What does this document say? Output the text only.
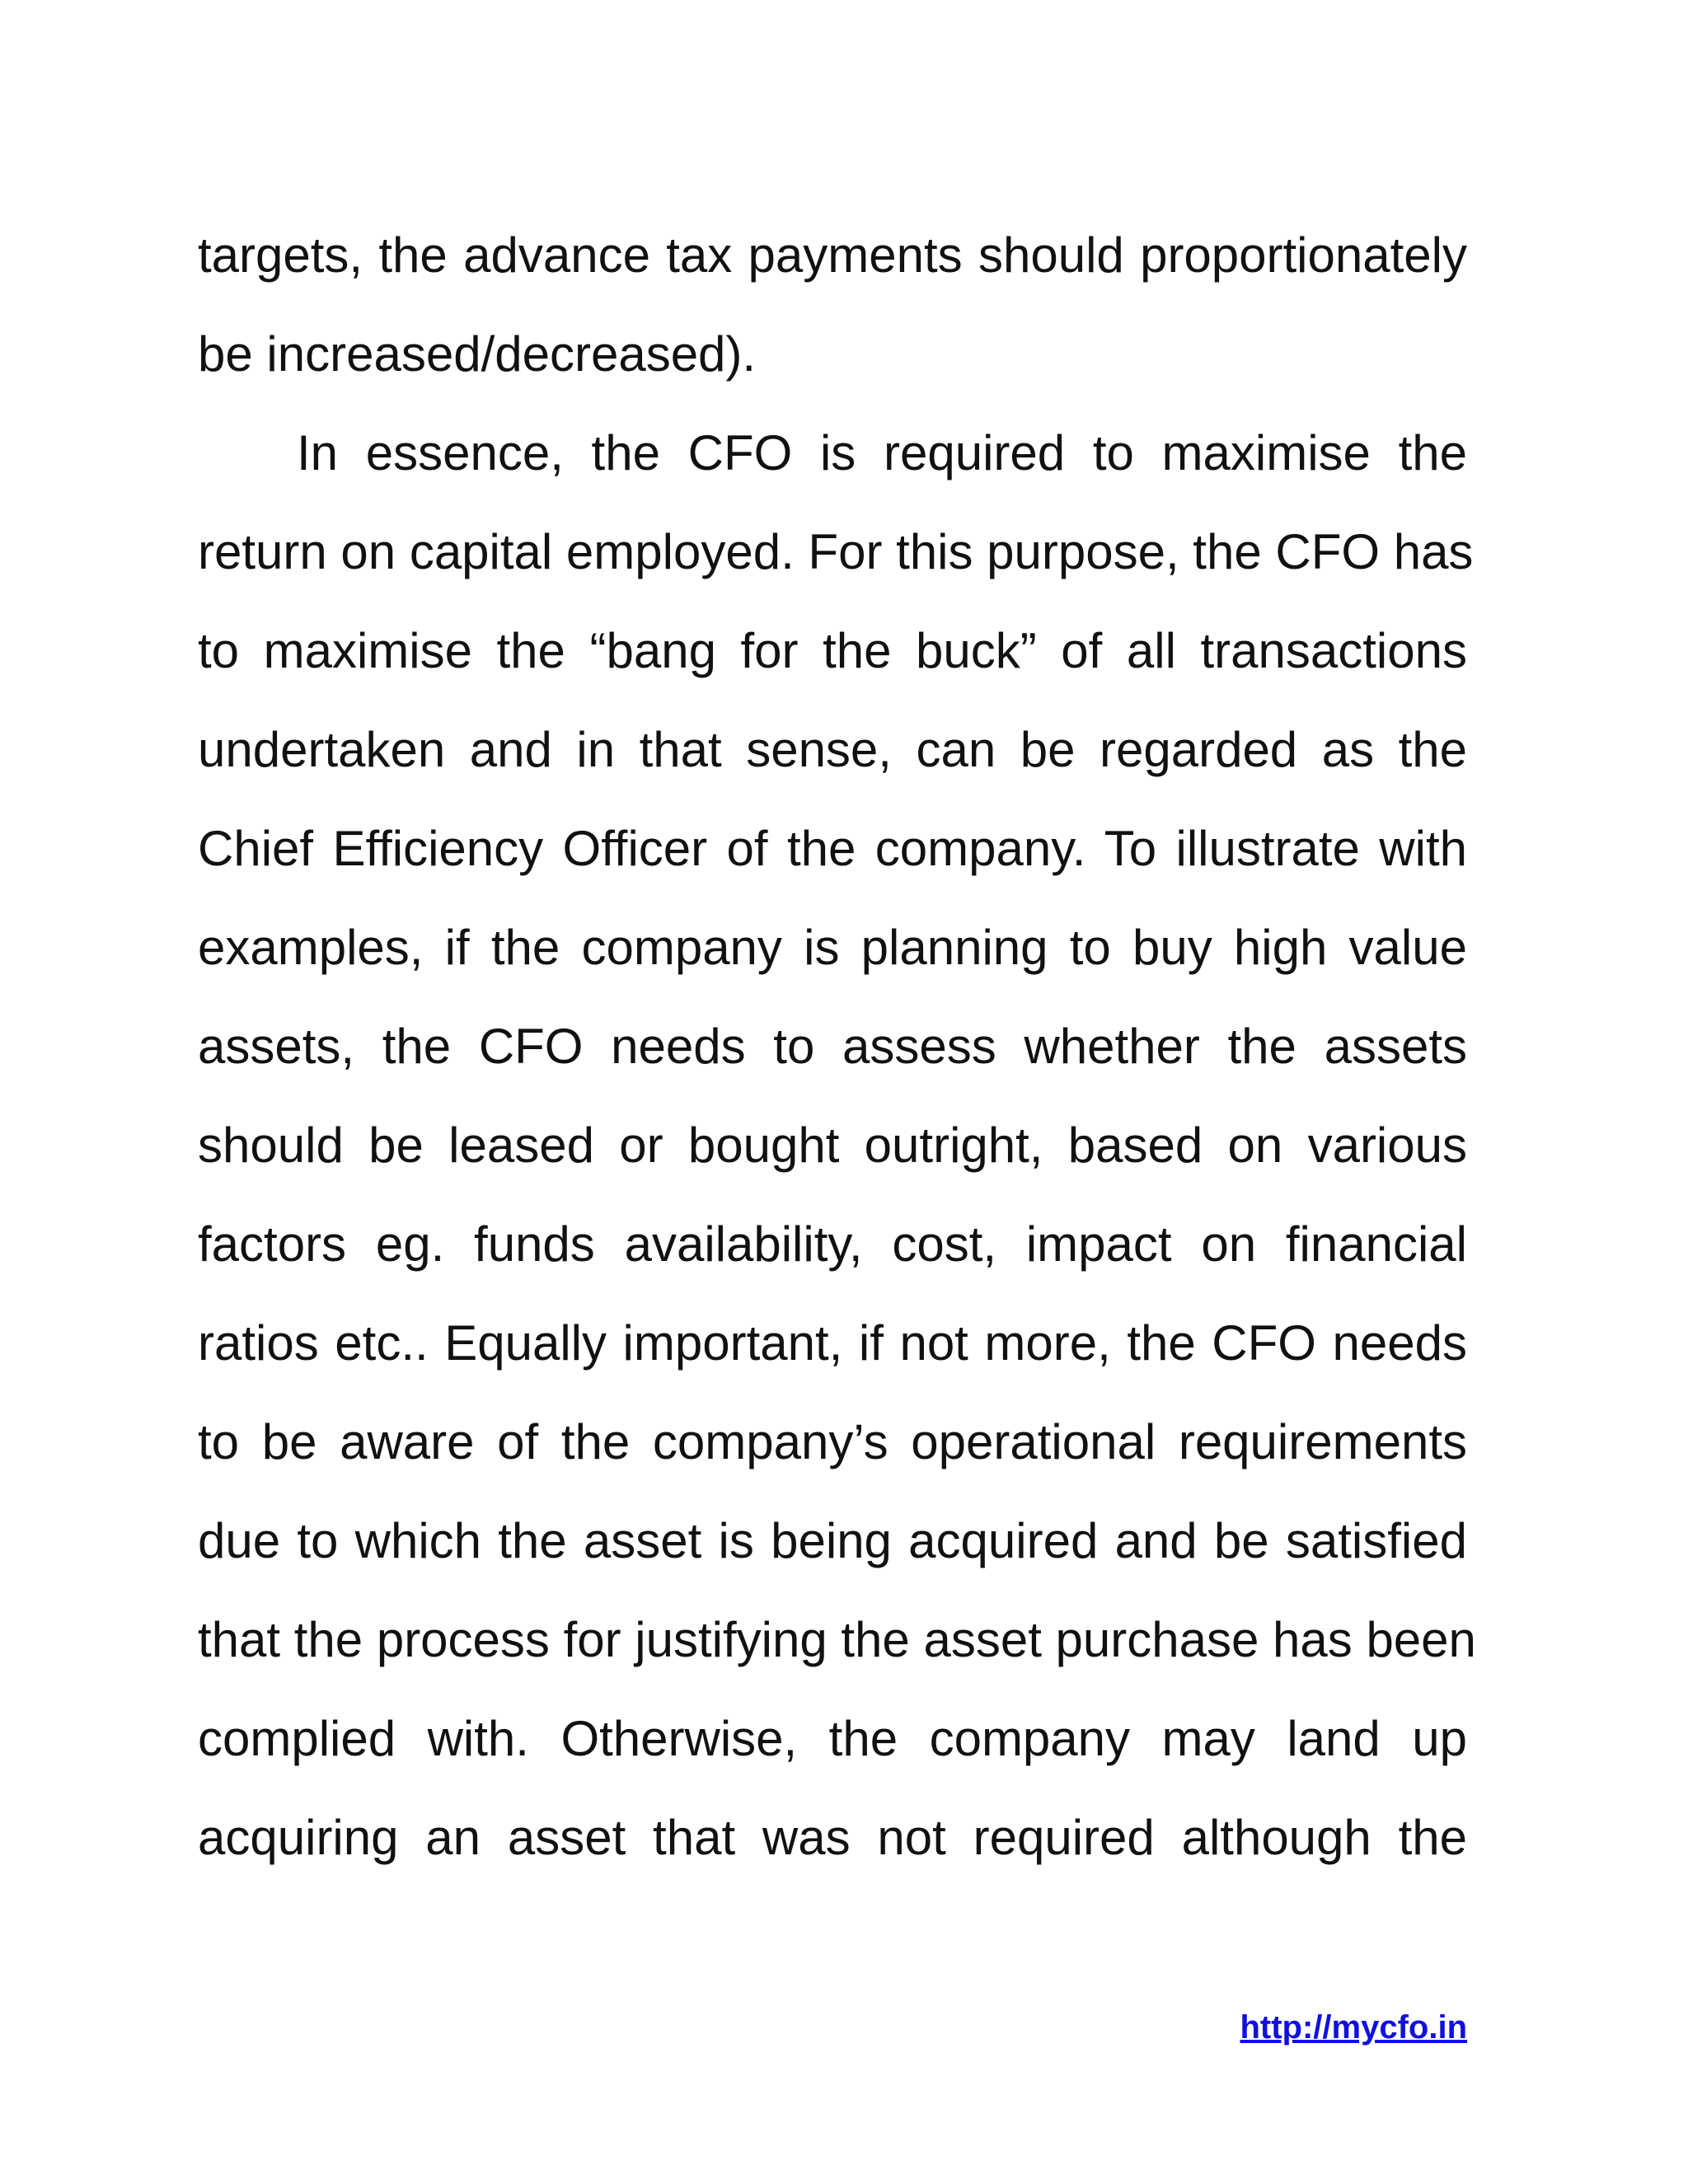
targets, the advance tax payments should proportionately
be increased/decreased).
In essence, the CFO is required to maximise the
return on capital employed. For this purpose, the CFO has
to maximise the “bang for the buck” of all transactions
undertaken and in that sense, can be regarded as the
Chief Efficiency Officer of the company. To illustrate with
examples, if the company is planning to buy high value
assets, the CFO needs to assess whether the assets
should be leased or bought outright, based on various
factors eg. funds availability, cost, impact on financial
ratios etc.. Equally important, if not more, the CFO needs
to be aware of the company’s operational requirements
due to which the asset is being acquired and be satisfied
that the process for justifying the asset purchase has been
complied with. Otherwise, the company may land up
acquiring an asset that was not required although the
http://mycfo.in
